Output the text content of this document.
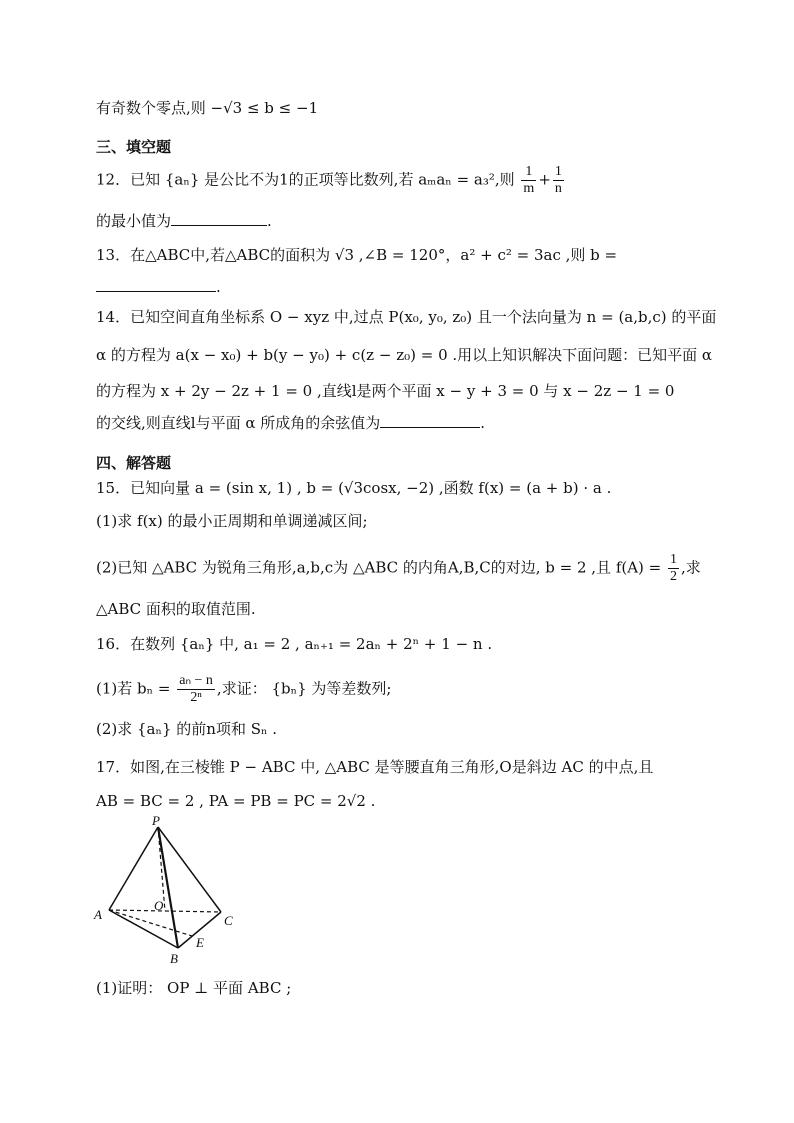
有奇数个零点,则 −√3 ≤ b ≤ −1
三、填空题
12．已知 {aₙ} 是公比不为1的正项等比数列,若 aₘaₙ = a₃²,则 $\frac{1}{m} + \frac{1}{n}$
的最小值为	.
13．在△ABC中,若△ABC的面积为 √3 ,∠B = 120°，a² + c² = 3ac ,则 b =
.
14．已知空间直角坐标系 O − xyz 中,过点 P(x₀, y₀, z₀) 且一个法向量为 n = (a,b,c) 的平面
α 的方程为 a(x − x₀) + b(y − y₀) + c(z − z₀) = 0 .用以上知识解决下面问题：已知平面 α
的方程为 x + 2y − 2z + 1 = 0 ,直线l是两个平面 x − y + 3 = 0 与 x − 2z − 1 = 0
的交线,则直线l与平面 α 所成角的余弦值为	.
四、解答题
15．已知向量 a = (sin x, 1) , b = (√3cosx, −2) ,函数 f(x) = (a + b) · a .
(1)求 f(x) 的最小正周期和单调递减区间;
(2)已知 △ABC 为锐角三角形,a,b,c为 △ABC 的内角A,B,C的对边, b = 2 ,且 $f(A) = \frac{1}{2}$ ,求
△ABC 面积的取值范围.
16．在数列 {aₙ} 中, a₁ = 2 , aₙ₊₁ = 2aₙ + 2ⁿ + 1 − n .
(1)若 $b_n = \frac{\text{aₙ − n}}{\text{2ⁿ}}$ ,求证： {bₙ} 为等差数列;
(2)求 {aₙ} 的前n项和 Sₙ .
17．如图,在三棱锥 P − ABC 中, △ABC 是等腰直角三角形,O是斜边 AC 的中点,且
AB = BC = 2 , PA = PB = PC = 2√2 .
P
A
O
C
B
E
(1)证明： OP ⊥ 平面 ABC ;
